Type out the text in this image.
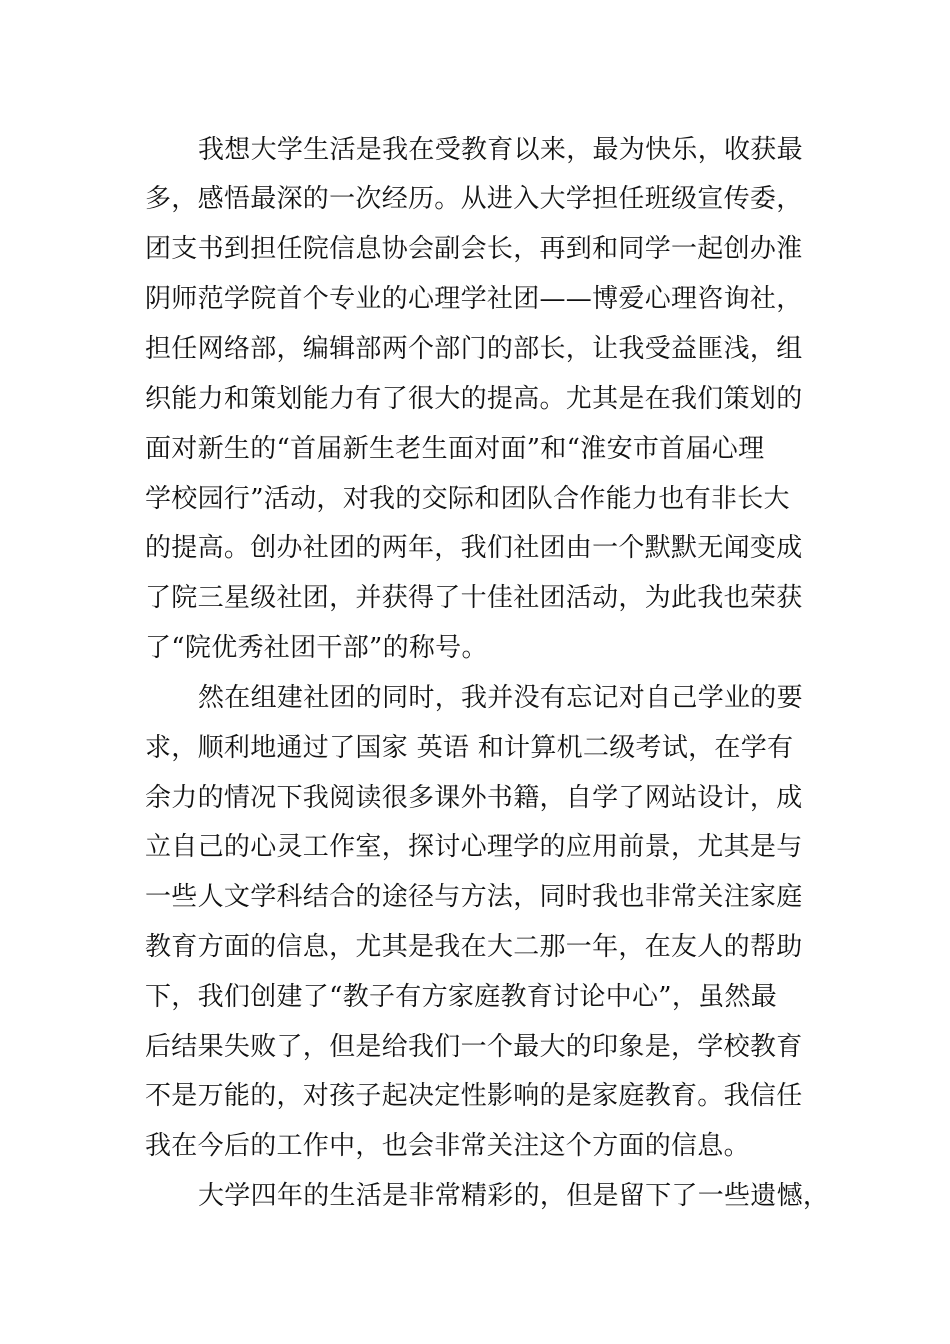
我想大学生活是我在受教育以来，最为快乐，收获最
多，感悟最深的一次经历。从进入大学担任班级宣传委，
团支书到担任院信息协会副会长，再到和同学一起创办淮
阴师范学院首个专业的心理学社团——博爱心理咨询社，
担任网络部，编辑部两个部门的部长，让我受益匪浅，组
织能力和策划能力有了很大的提高。尤其是在我们策划的
面对新生的“首届新生老生面对面”和“淮安市首届心理
学校园行”活动，对我的交际和团队合作能力也有非长大
的提高。创办社团的两年，我们社团由一个默默无闻变成
了院三星级社团，并获得了十佳社团活动，为此我也荣获
了“院优秀社团干部”的称号。
然在组建社团的同时，我并没有忘记对自己学业的要
求，顺利地通过了国家 英语 和计算机二级考试，在学有
余力的情况下我阅读很多课外书籍，自学了网站设计，成
立自己的心灵工作室，探讨心理学的应用前景，尤其是与
一些人文学科结合的途径与方法，同时我也非常关注家庭
教育方面的信息，尤其是我在大二那一年，在友人的帮助
下，我们创建了“教子有方家庭教育讨论中心”，虽然最
后结果失败了，但是给我们一个最大的印象是，学校教育
不是万能的，对孩子起决定性影响的是家庭教育。我信任
我在今后的工作中，也会非常关注这个方面的信息。
大学四年的生活是非常精彩的，但是留下了一些遗憾，
